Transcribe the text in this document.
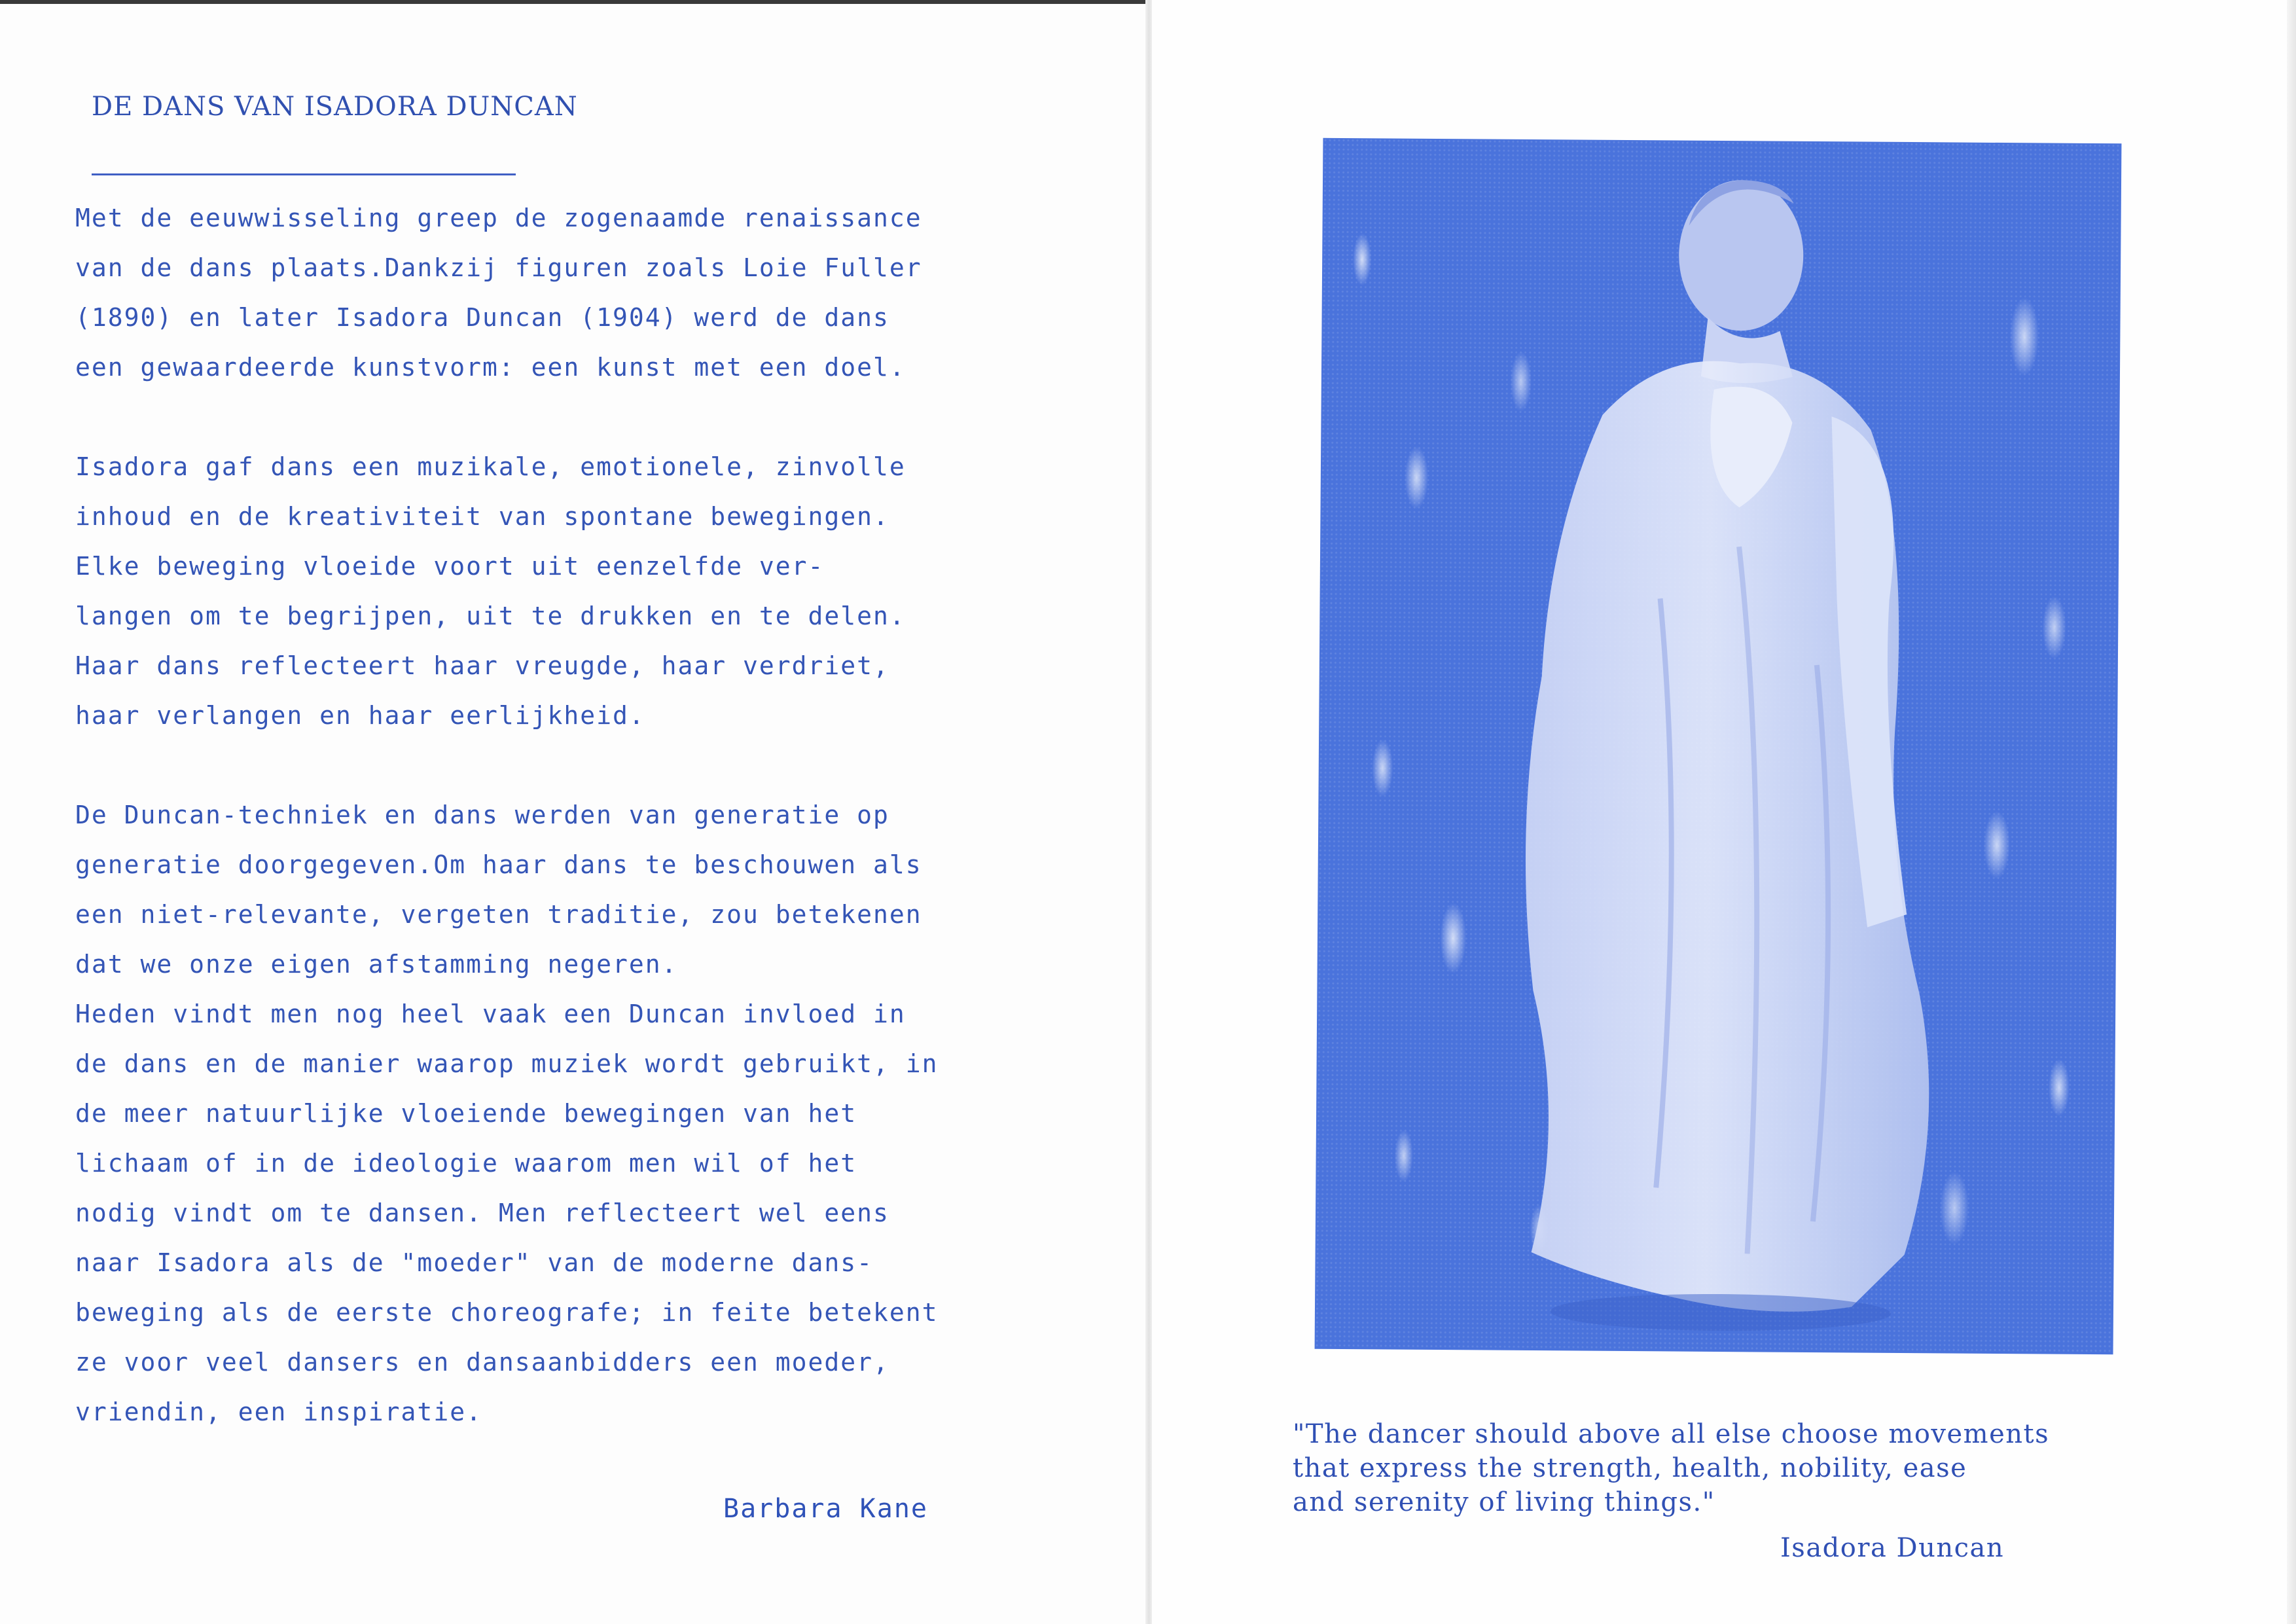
DE DANS VAN ISADORA DUNCAN

Met de eeuwwisseling greep de zogenaamde renaissance
van de dans plaats.Dankzij figuren zoals Loie Fuller
(1890) en later Isadora Duncan (1904) werd de dans
een gewaardeerde kunstvorm: een kunst met een doel.

Isadora gaf dans een muzikale, emotionele, zinvolle
inhoud en de kreativiteit van spontane bewegingen.
Elke beweging vloeide voort uit eenzelfde ver-
langen om te begrijpen, uit te drukken en te delen.
Haar dans reflecteert haar vreugde, haar verdriet,
haar verlangen en haar eerlijkheid.

De Duncan-techniek en dans werden van generatie op
generatie doorgegeven.Om haar dans te beschouwen als
een niet-relevante, vergeten traditie, zou betekenen
dat we onze eigen afstamming negeren.

Heden vindt men nog heel vaak een Duncan invloed in
de dans en de manier waarop muziek wordt gebruikt, in
de meer natuurlijke vloeiende bewegingen van het
lichaam of in de ideologie waarom men wil of het
nodig vindt om te dansen. Men reflecteert wel eens
naar Isadora als de "moeder" van de moderne dans-
beweging als de eerste choreografe; in feite betekent
ze voor veel dansers en dansaanbidders een moeder,
vriendin, een inspiratie.

Barbara Kane
"The dancer should above all else choose movements
that express the strength, health, nobility, ease
and serenity of living things."
Isadora Duncan
